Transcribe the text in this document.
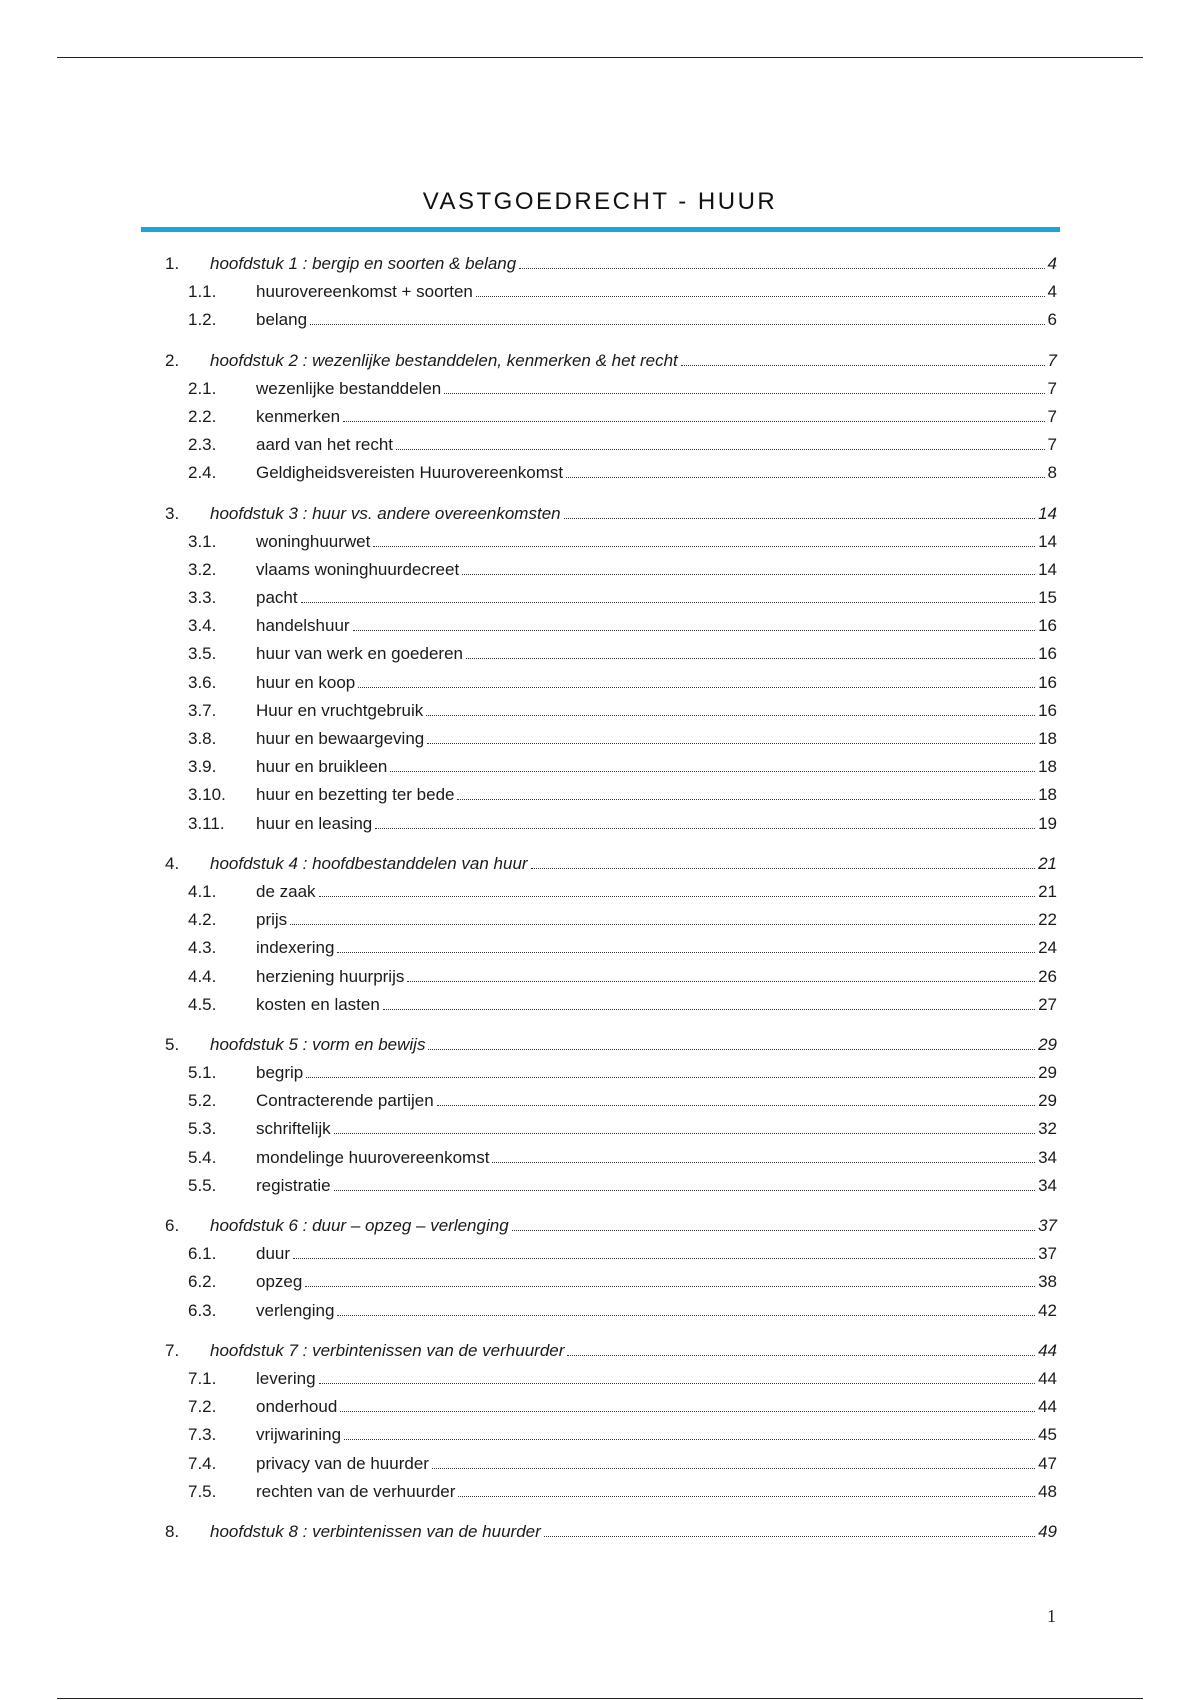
VASTGOEDRECHT - HUUR
1.	hoofdstuk 1 : bergip en soorten & belang	4
1.1.	huurovereenkomst + soorten	4
1.2.	belang	6
2.	hoofdstuk 2 : wezenlijke bestanddelen, kenmerken & het recht	7
2.1.	wezenlijke bestanddelen	7
2.2.	kenmerken	7
2.3.	aard van het recht	7
2.4.	Geldigheidsvereisten Huurovereenkomst	8
3.	hoofdstuk 3 : huur vs. andere overeenkomsten	14
3.1.	woninghuurwet	14
3.2.	vlaams woninghuurdecreet	14
3.3.	pacht	15
3.4.	handelshuur	16
3.5.	huur van werk en goederen	16
3.6.	huur en koop	16
3.7.	Huur en vruchtgebruik	16
3.8.	huur en bewaargeving	18
3.9.	huur en bruikleen	18
3.10.	huur en bezetting ter bede	18
3.11.	huur en leasing	19
4.	hoofdstuk 4 : hoofdbestanddelen van huur	21
4.1.	de zaak	21
4.2.	prijs	22
4.3.	indexering	24
4.4.	herziening huurprijs	26
4.5.	kosten en lasten	27
5.	hoofdstuk 5 : vorm en bewijs	29
5.1.	begrip	29
5.2.	Contracterende partijen	29
5.3.	schriftelijk	32
5.4.	mondelinge huurovereenkomst	34
5.5.	registratie	34
6.	hoofdstuk 6 : duur – opzeg – verlenging	37
6.1.	duur	37
6.2.	opzeg	38
6.3.	verlenging	42
7.	hoofdstuk 7 : verbintenissen van de verhuurder	44
7.1.	levering	44
7.2.	onderhoud	44
7.3.	vrijwarining	45
7.4.	privacy van de huurder	47
7.5.	rechten van de verhuurder	48
8.	hoofdstuk 8 : verbintenissen van de huurder	49
1
